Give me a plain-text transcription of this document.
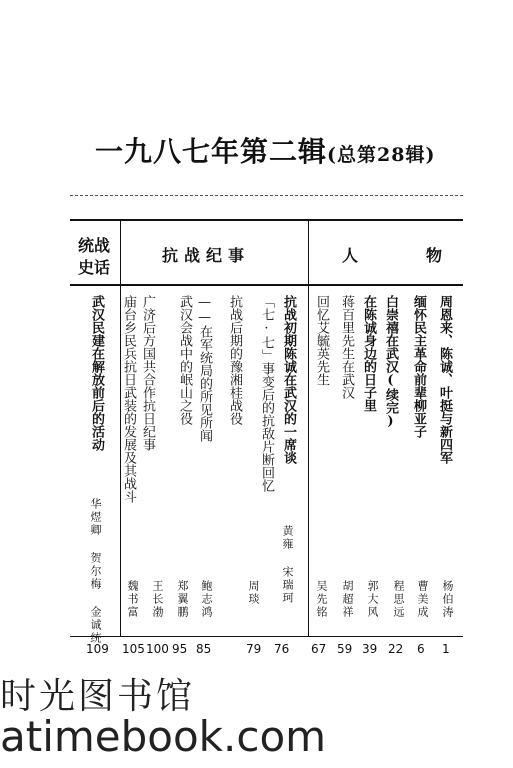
一九八七年第二辑(总第28辑)
统战
史话
抗战纪事	人　　物
武汉民建在解放前后的活动
华煜卿 贺尔梅 金诚统
109
庙台乡民兵抗日武装的发展及其战斗
魏书富
105
广济后方国共合作抗日纪事
王长渤
100
武汉会战中的岷山之役
郑翼鹏
95
——在军统局的所见所闻
鲍志鸿
85
抗战后期的豫湘桂战役
周琰
79
「七·七」事变后的抗敌片断回忆
黄雍 宋瑞珂
76
抗战初期陈诚在武汉的一席谈 回忆艾毓英先生
吴先铭
67
蒋百里先生在武汉
胡超祥
59
在陈诚身边的日子里
郭大风
39
白崇禧在武汉(续完)
程思远
22
缅怀民主革命前辈柳亚子
曹美成
6
周恩来、陈诚、叶挺与新四军
杨伯涛
1
时光图书馆
atimebook.com
